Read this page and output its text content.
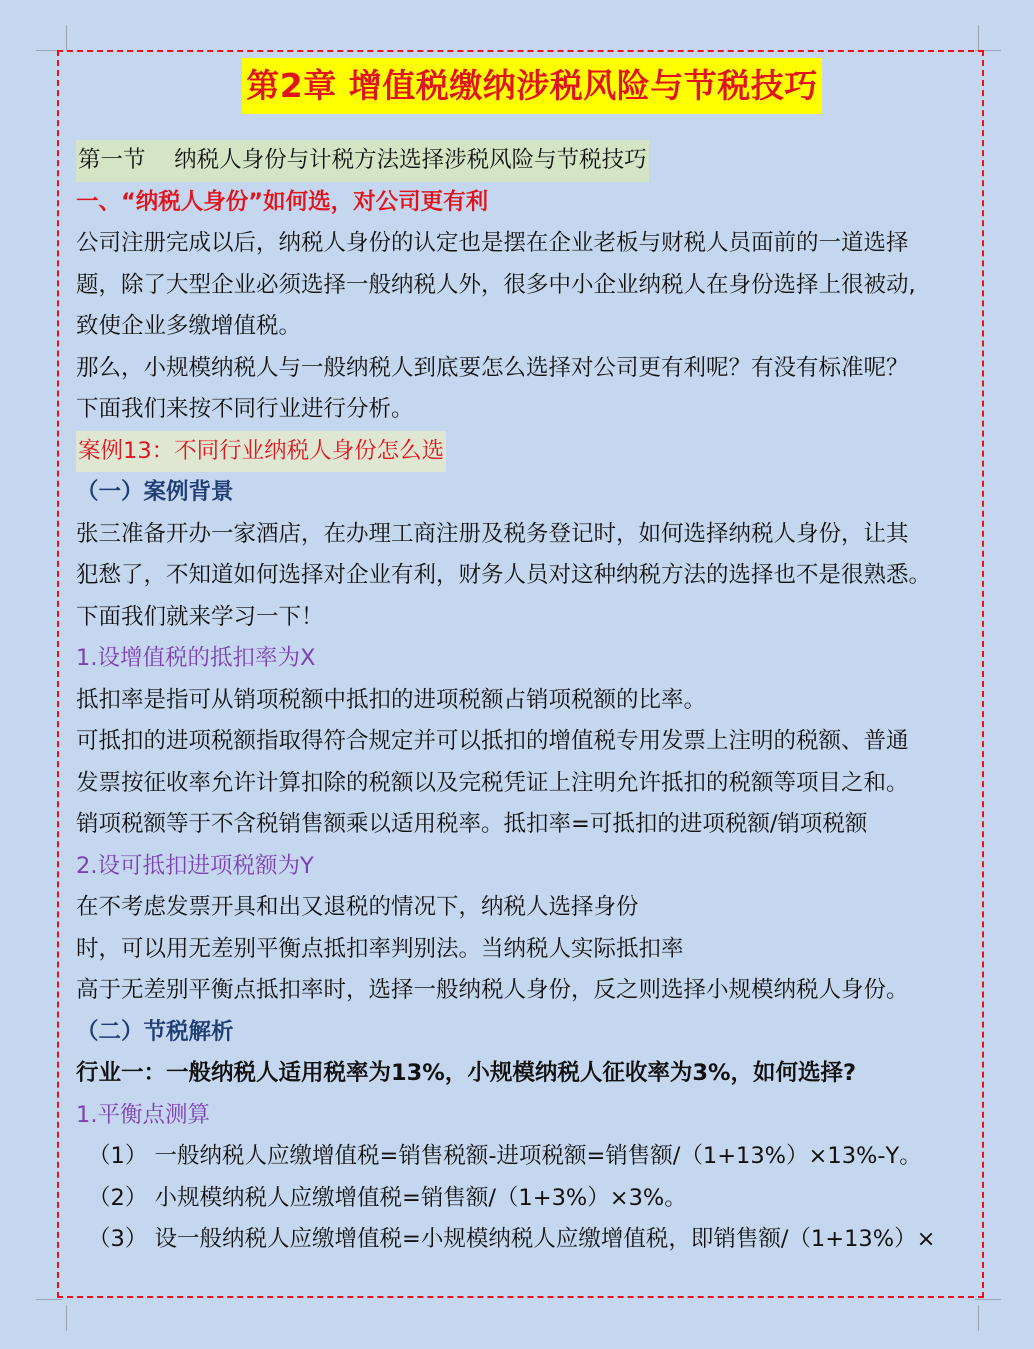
第2章 增值税缴纳涉税风险与节税技巧
第一节    纳税人身份与计税方法选择涉税风险与节税技巧
一、“纳税人身份”如何选，对公司更有利
公司注册完成以后，纳税人身份的认定也是摆在企业老板与财税人员面前的一道选择
题，除了大型企业必须选择一般纳税人外，很多中小企业纳税人在身份选择上很被动,
致使企业多缴增值税。
那么，小规模纳税人与一般纳税人到底要怎么选择对公司更有利呢？有没有标准呢？
下面我们来按不同行业进行分析。
案例13：不同行业纳税人身份怎么选
（一）案例背景
张三准备开办一家酒店，在办理工商注册及税务登记时，如何选择纳税人身份，让其
犯愁了，不知道如何选择对企业有利，财务人员对这种纳税方法的选择也不是很熟悉。
下面我们就来学习一下！
1.设增值税的抵扣率为X
抵扣率是指可从销项税额中抵扣的进项税额占销项税额的比率。
可抵扣的进项税额指取得符合规定并可以抵扣的增值税专用发票上注明的税额、普通
发票按征收率允许计算扣除的税额以及完税凭证上注明允许抵扣的税额等项目之和。
销项税额等于不含税销售额乘以适用税率。抵扣率=可抵扣的进项税额/销项税额
2.设可抵扣进项税额为Y
在不考虑发票开具和出又退税的情况下，纳税人选择身份
时，可以用无差别平衡点抵扣率判别法。当纳税人实际抵扣率
高于无差别平衡点抵扣率时，选择一般纳税人身份，反之则选择小规模纳税人身份。
（二）节税解析
行业一：一般纳税人适用税率为13%，小规模纳税人征收率为3%，如何选择?
1.平衡点测算
（1） 一般纳税人应缴增值税=销售税额-进项税额=销售额/（1+13%）×13%-Y。
（2） 小规模纳税人应缴增值税=销售额/（1+3%）×3%。
（3） 设一般纳税人应缴增值税=小规模纳税人应缴增值税，即销售额/（1+13%）×
